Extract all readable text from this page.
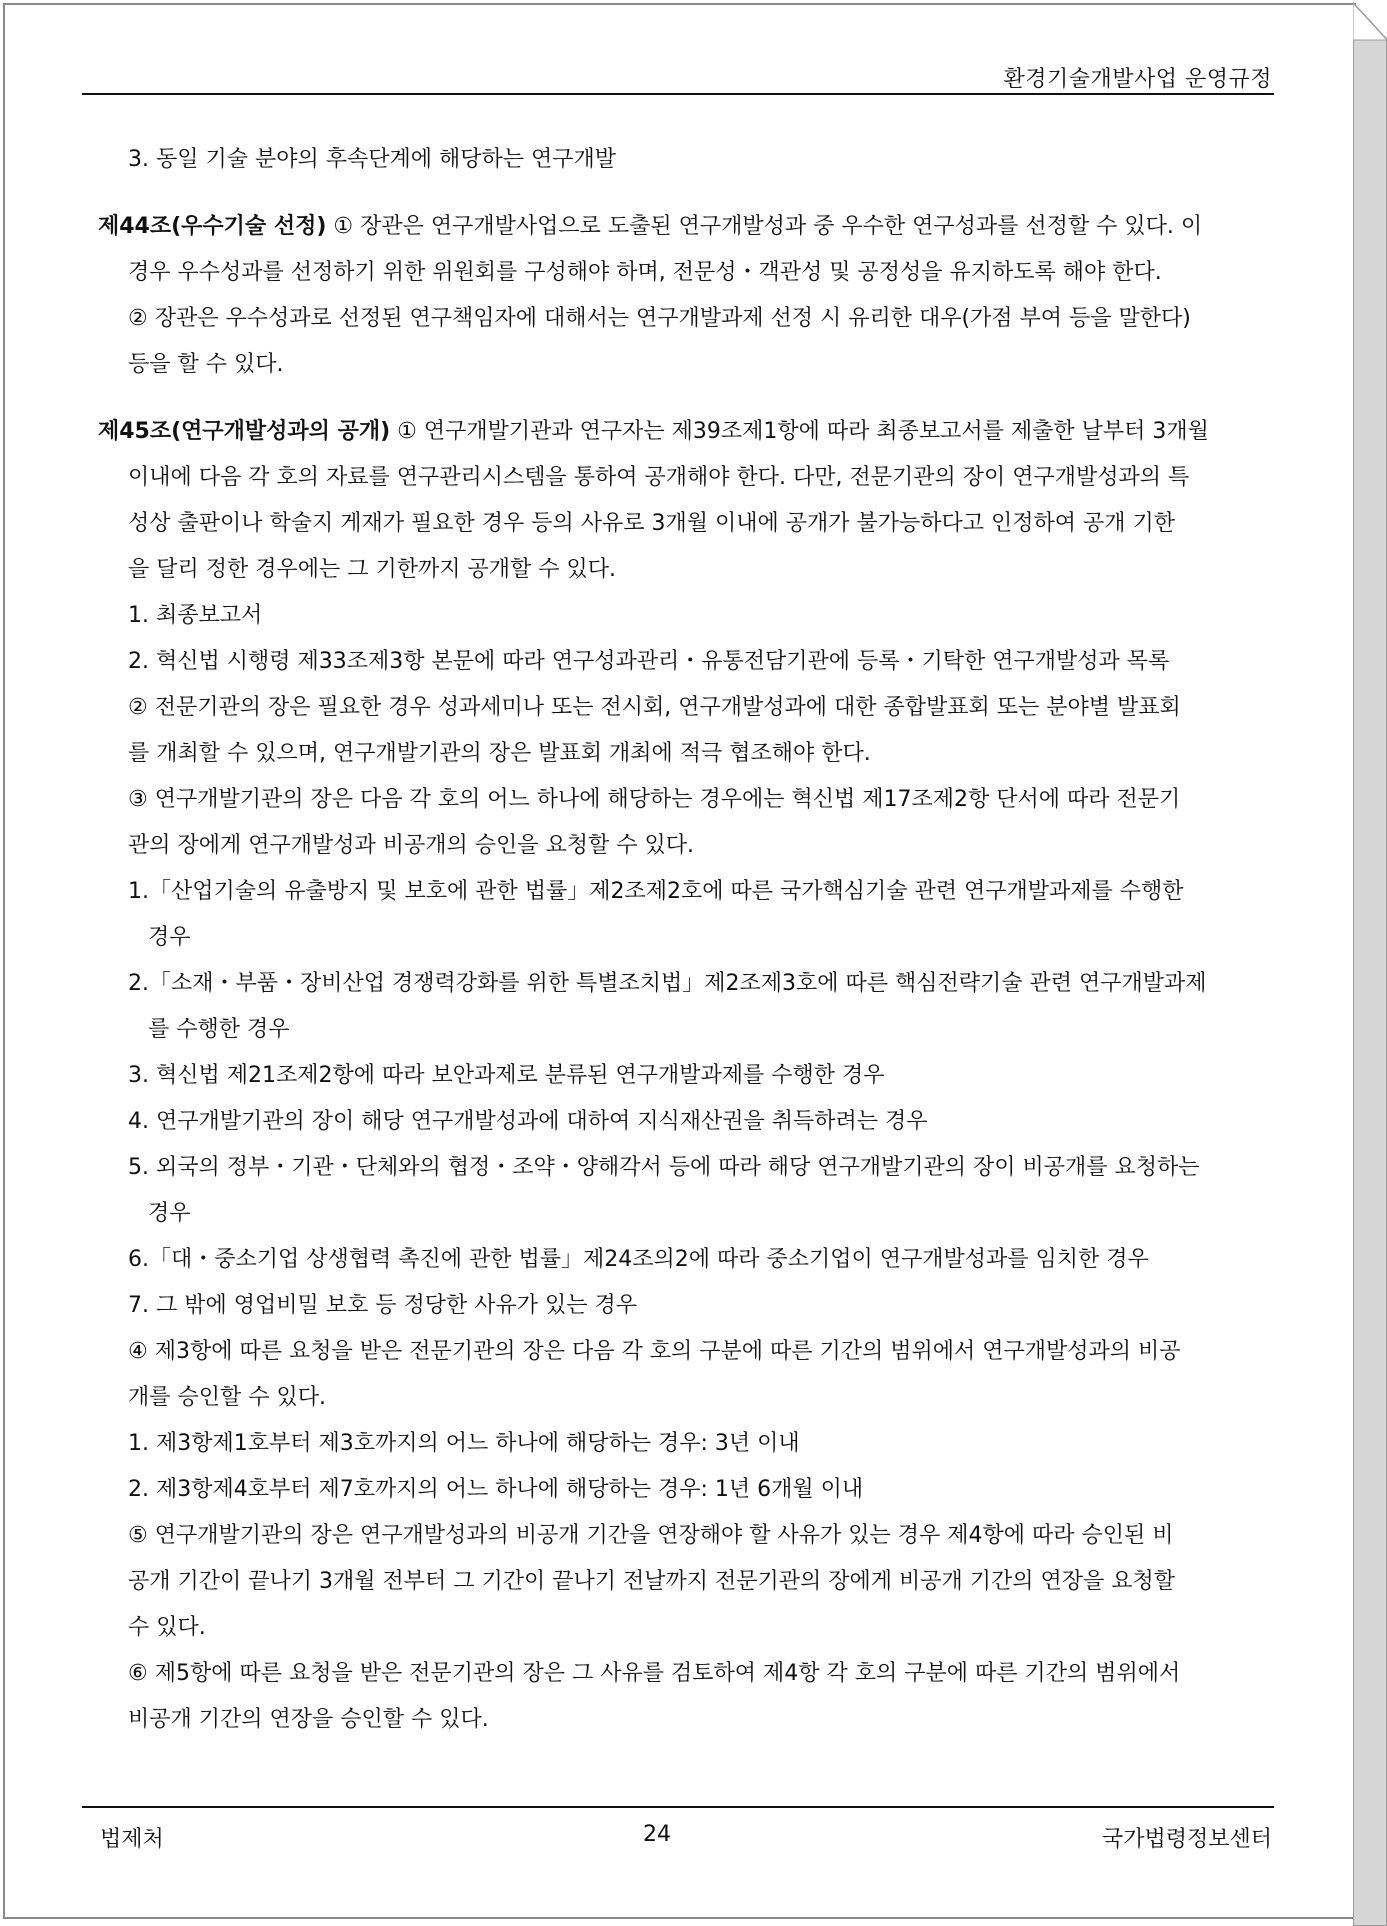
환경기술개발사업 운영규정
3. 동일 기술 분야의 후속단계에 해당하는 연구개발
제44조(우수기술 선정) ① 장관은 연구개발사업으로 도출된 연구개발성과 중 우수한 연구성과를 선정할 수 있다. 이
경우 우수성과를 선정하기 위한 위원회를 구성해야 하며, 전문성・객관성 및 공정성을 유지하도록 해야 한다.
② 장관은 우수성과로 선정된 연구책임자에 대해서는 연구개발과제 선정 시 유리한 대우(가점 부여 등을 말한다)
등을 할 수 있다.
제45조(연구개발성과의 공개) ① 연구개발기관과 연구자는 제39조제1항에 따라 최종보고서를 제출한 날부터 3개월
이내에 다음 각 호의 자료를 연구관리시스템을 통하여 공개해야 한다. 다만, 전문기관의 장이 연구개발성과의 특
성상 출판이나 학술지 게재가 필요한 경우 등의 사유로 3개월 이내에 공개가 불가능하다고 인정하여 공개 기한
을 달리 정한 경우에는 그 기한까지 공개할 수 있다.
1. 최종보고서
2. 혁신법 시행령 제33조제3항 본문에 따라 연구성과관리・유통전담기관에 등록・기탁한 연구개발성과 목록
② 전문기관의 장은 필요한 경우 성과세미나 또는 전시회, 연구개발성과에 대한 종합발표회 또는 분야별 발표회
를 개최할 수 있으며, 연구개발기관의 장은 발표회 개최에 적극 협조해야 한다.
③ 연구개발기관의 장은 다음 각 호의 어느 하나에 해당하는 경우에는 혁신법 제17조제2항 단서에 따라 전문기
관의 장에게 연구개발성과 비공개의 승인을 요청할 수 있다.
1.「산업기술의 유출방지 및 보호에 관한 법률」제2조제2호에 따른 국가핵심기술 관련 연구개발과제를 수행한
경우
2.「소재・부품・장비산업 경쟁력강화를 위한 특별조치법」제2조제3호에 따른 핵심전략기술 관련 연구개발과제
를 수행한 경우
3. 혁신법 제21조제2항에 따라 보안과제로 분류된 연구개발과제를 수행한 경우
4. 연구개발기관의 장이 해당 연구개발성과에 대하여 지식재산권을 취득하려는 경우
5. 외국의 정부・기관・단체와의 협정・조약・양해각서 등에 따라 해당 연구개발기관의 장이 비공개를 요청하는
경우
6.「대・중소기업 상생협력 촉진에 관한 법률」제24조의2에 따라 중소기업이 연구개발성과를 임치한 경우
7. 그 밖에 영업비밀 보호 등 정당한 사유가 있는 경우
④ 제3항에 따른 요청을 받은 전문기관의 장은 다음 각 호의 구분에 따른 기간의 범위에서 연구개발성과의 비공
개를 승인할 수 있다.
1. 제3항제1호부터 제3호까지의 어느 하나에 해당하는 경우: 3년 이내
2. 제3항제4호부터 제7호까지의 어느 하나에 해당하는 경우: 1년 6개월 이내
⑤ 연구개발기관의 장은 연구개발성과의 비공개 기간을 연장해야 할 사유가 있는 경우 제4항에 따라 승인된 비
공개 기간이 끝나기 3개월 전부터 그 기간이 끝나기 전날까지 전문기관의 장에게 비공개 기간의 연장을 요청할
수 있다.
⑥ 제5항에 따른 요청을 받은 전문기관의 장은 그 사유를 검토하여 제4항 각 호의 구분에 따른 기간의 범위에서
비공개 기간의 연장을 승인할 수 있다.
법제처	24	국가법령정보센터
